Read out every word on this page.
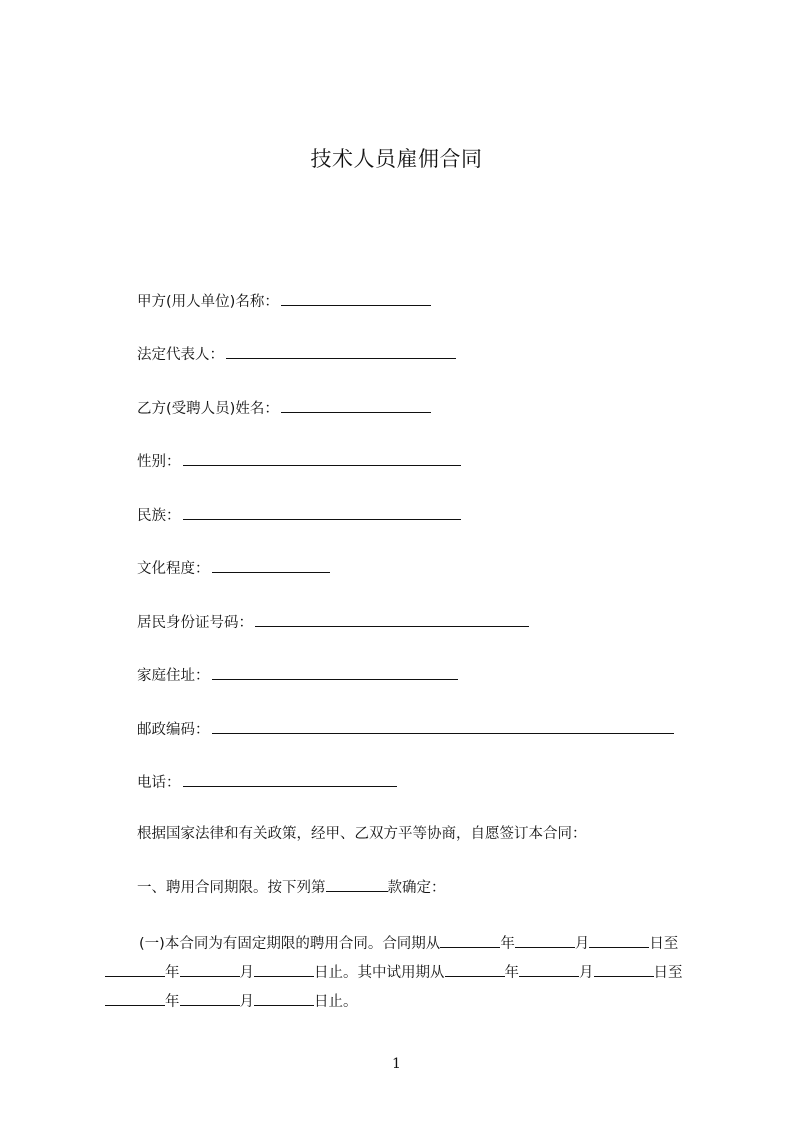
技术人员雇佣合同
甲方(用人单位)名称：
法定代表人：
乙方(受聘人员)姓名：
性别：
民族：
文化程度：
居民身份证号码：
家庭住址：
邮政编码：
电话：
根据国家法律和有关政策，经甲、乙双方平等协商，自愿签订本合同：
一、聘用合同期限。按下列第	款确定：
(一)本合同为有固定期限的聘用合同。合同期从	年	月	日至年	月	日止。其中试用期从	年	月	日至年	月	日止。
1
